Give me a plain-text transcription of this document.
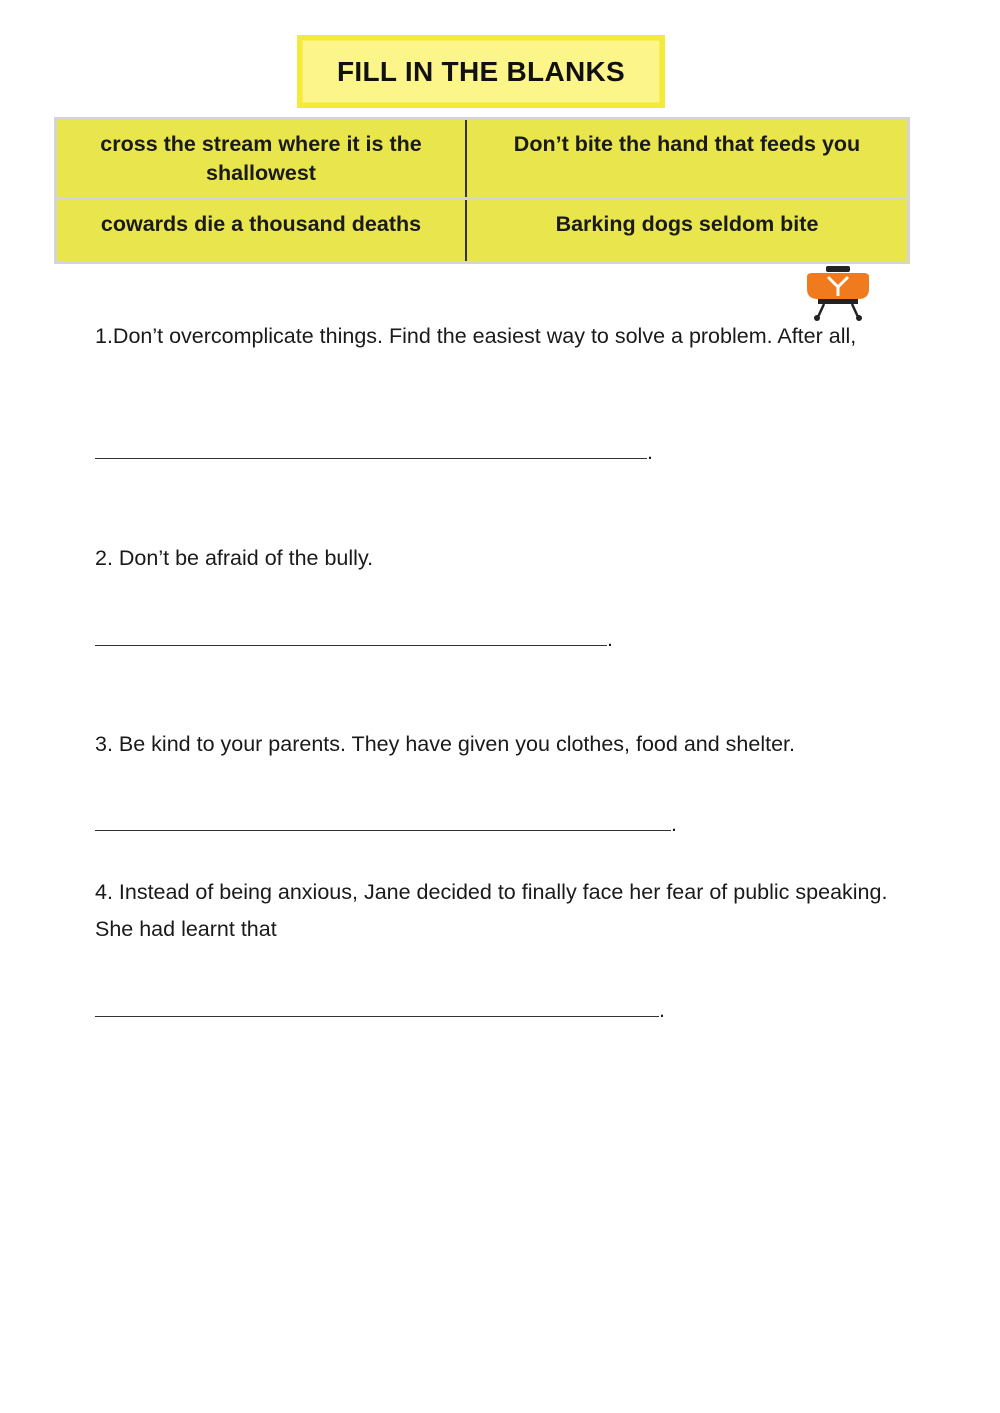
FILL IN THE BLANKS
cross the stream where it is the shallowest
Don’t bite the hand that feeds you
cowards die a thousand deaths	Barking dogs seldom bite
1.Don’t overcomplicate things. Find the easiest way to solve a problem. After all,
.
2. Don’t be afraid of the bully.
.
3. Be kind to your parents. They have given you clothes, food and shelter.
.
4. Instead of being anxious, Jane decided to finally face her fear of public speaking. She had learnt that
.
